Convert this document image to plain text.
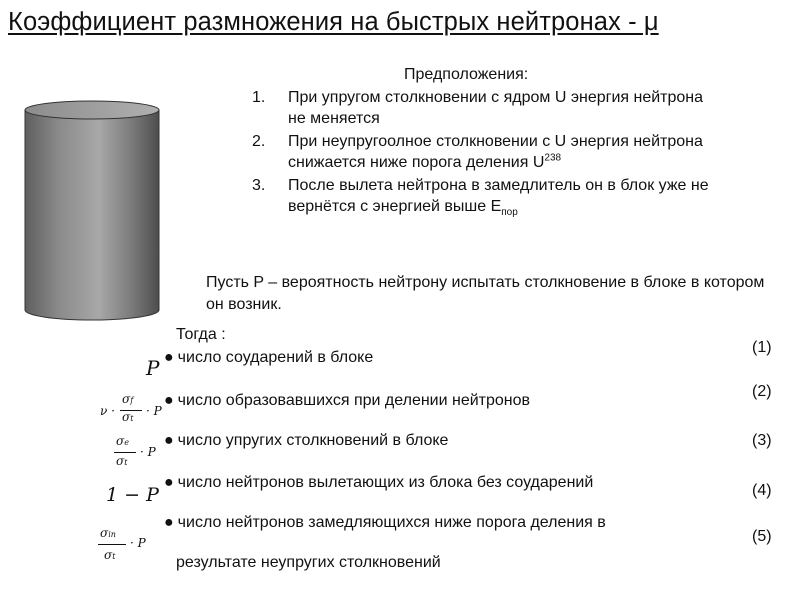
Коэффициент размножения на быстрых нейтронах - μ
Предположения:
1. При упругом столкновении с ядром U энергия нейтрона не меняется
2. При неупругоолное столкновении с U энергия нейтрона снижается ниже порога деления $U^{238}$
3. После вылета нейтрона в замедлитель он в блок уже не вернётся с энергией выше $E_{пор}$
Пусть P – вероятность нейтрону испытать столкновение в блоке в котором он возник.
Тогда :
P ● число соударений в блоке
(1)
ν ·
σf
σt
· P
● число образовавшихся при делении нейтронов
(2)
σe
σt
· P
● число упругих столкновений в блоке	(3)
1 − P
● число нейтронов вылетающих из блока без соударений	(4)
σin
σt
· P
● число нейтронов замедляющихся ниже порога деления в
(5)
результате неупругих столкновений
